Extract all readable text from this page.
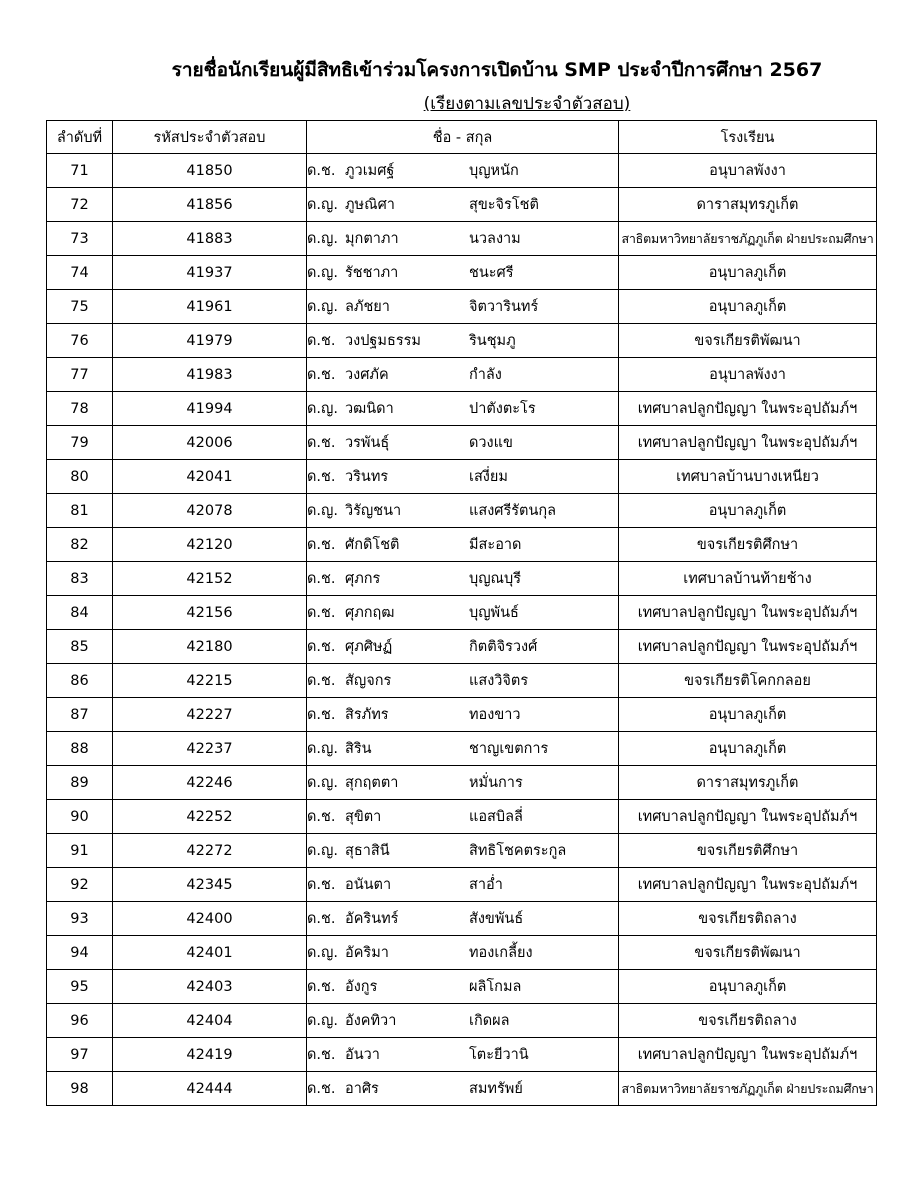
รายชื่อนักเรียนผู้มีสิทธิเข้าร่วมโครงการเปิดบ้าน SMP ประจำปีการศึกษา 2567
(เรียงตามเลขประจำตัวสอบ)
ลำดับที่	รหัสประจำตัวสอบ	ชื่อ - สกุล	โรงเรียน
71	41850	ด.ช. ภูวเมศฐ์ บุญหนัก	อนุบาลพังงา
72	41856	ด.ญ. ภูษณิศา สุขะจิรโชติ	ดาราสมุทรภูเก็ต
73	41883	ด.ญ. มุกตาภา นวลงาม	สาธิตมหาวิทยาลัยราชภัฏภูเก็ต ฝ่ายประถมศึกษา
74	41937	ด.ญ. รัชชาภา ชนะศรี	อนุบาลภูเก็ต
75	41961	ด.ญ. ลภัชยา จิตวารินทร์	อนุบาลภูเก็ต
76	41979	ด.ช. วงปฐมธรรม รินชุมภู	ขจรเกียรติพัฒนา
77	41983	ด.ช. วงศภัค กำลัง	อนุบาลพังงา
78	41994	ด.ญ. วฒนิดา ปาตังตะโร	เทศบาลปลูกปัญญา ในพระอุปถัมภ์ฯ
79	42006	ด.ช. วรพันธุ์ ดวงแข	เทศบาลปลูกปัญญา ในพระอุปถัมภ์ฯ
80	42041	ด.ช. วรินทร เสงี่ยม	เทศบาลบ้านบางเหนียว
81	42078	ด.ญ. วิรัญชนา แสงศรีรัตนกุล	อนุบาลภูเก็ต
82	42120	ด.ช. ศักดิโชติ มีสะอาด	ขจรเกียรติศึกษา
83	42152	ด.ช. ศุภกร บุญณบุรี	เทศบาลบ้านท้ายช้าง
84	42156	ด.ช. ศุภกฤฒ บุญพันธ์	เทศบาลปลูกปัญญา ในพระอุปถัมภ์ฯ
85	42180	ด.ช. ศุภศิษฏ์ กิตติจิรวงศ์	เทศบาลปลูกปัญญา ในพระอุปถัมภ์ฯ
86	42215	ด.ช. สัญจกร แสงวิจิตร	ขจรเกียรติโคกกลอย
87	42227	ด.ช. สิรภัทร ทองขาว	อนุบาลภูเก็ต
88	42237	ด.ญ. สิริน ชาญเขตการ	อนุบาลภูเก็ต
89	42246	ด.ญ. สุกฤตตา หมั่นการ	ดาราสมุทรภูเก็ต
90	42252	ด.ช. สุขิตา แอสบิลลี่	เทศบาลปลูกปัญญา ในพระอุปถัมภ์ฯ
91	42272	ด.ญ. สุธาสินี สิทธิโชคตระกูล	ขจรเกียรติศึกษา
92	42345	ด.ช. อนันตา สาอ่ำ	เทศบาลปลูกปัญญา ในพระอุปถัมภ์ฯ
93	42400	ด.ช. อัครินทร์ สังขพันธ์	ขจรเกียรติถลาง
94	42401	ด.ญ. อัคริมา ทองเกลี้ยง	ขจรเกียรติพัฒนา
95	42403	ด.ช. อังกูร ผลิโกมล	อนุบาลภูเก็ต
96	42404	ด.ญ. อังคทิวา เกิดผล	ขจรเกียรติถลาง
97	42419	ด.ช. อันวา โตะยีวานิ	เทศบาลปลูกปัญญา ในพระอุปถัมภ์ฯ
98	42444	ด.ช. อาศิร สมทรัพย์	สาธิตมหาวิทยาลัยราชภัฏภูเก็ต ฝ่ายประถมศึกษา
